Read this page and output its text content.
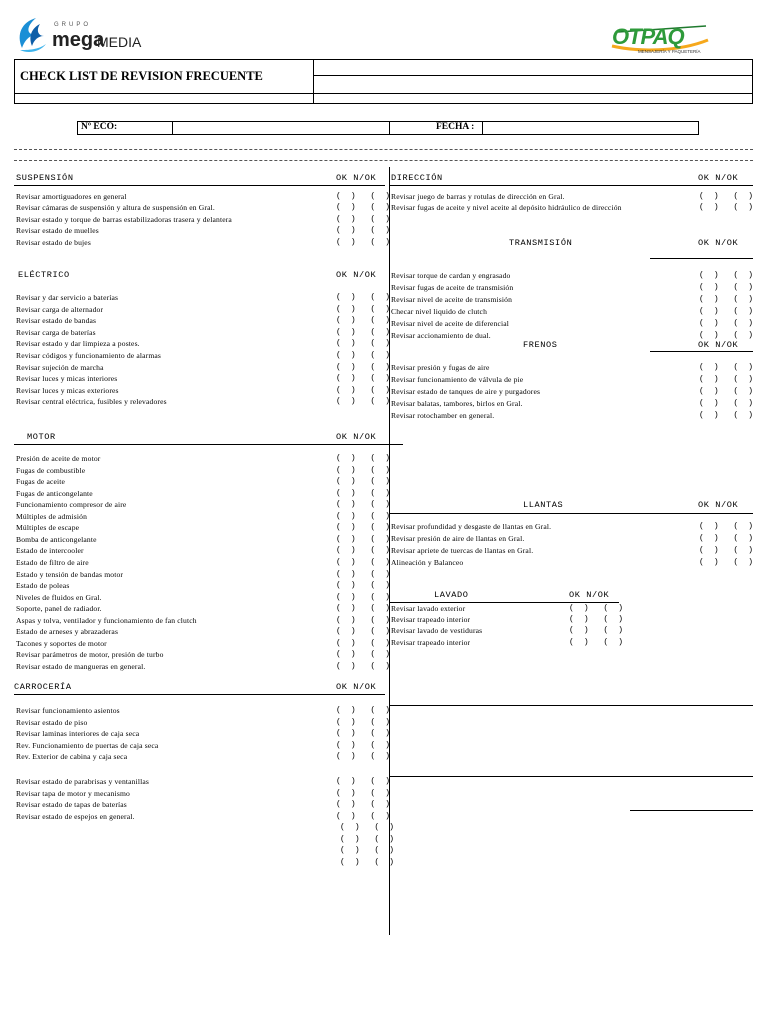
GRUPO
mega
MEDIA	OTPAQ
MENSAJERÍA Y PAQUETERÍA
CHECK LIST DE REVISION FRECUENTE
Nº ECO:	FECHA :
SUSPENSIÓN	OK N/OK
ELÉCTRICO	OK N/OK
MOTOR	OK N/OK
CARROCERÍA	OK N/OK
DIRECCIÓN	OK N/OK
TRANSMISIÓN	OK N/OK
FRENOS	OK N/OK
LLANTAS	OK N/OK
LAVADO	OK N/OK
Revisar amortiguadores en general	(  )   (  )
Revisar cámaras de suspensión y altura de suspensión en Gral.	(  )   (  )
Revisar estado y torque de barras estabilizadoras trasera y delantera	(  )   (  )
Revisar estado de muelles	(  )   (  )
Revisar estado de bujes	(  )   (  )
Revisar y dar servicio a baterías	(  )   (  )
Revisar carga de alternador	(  )   (  )
Revisar estado de bandas	(  )   (  )
Revisar carga de baterías	(  )   (  )
Revisar estado y dar limpieza a postes.	(  )   (  )
Revisar códigos y funcionamiento de alarmas	(  )   (  )
Revisar sujeción de marcha	(  )   (  )
Revisar luces y micas interiores	(  )   (  )
Revisar luces y micas exteriores	(  )   (  )
Revisar central eléctrica, fusibles y relevadores	(  )   (  )
Presión de aceite de motor	(  )   (  )
Fugas de combustible	(  )   (  )
Fugas de aceite	(  )   (  )
Fugas de anticongelante	(  )   (  )
Funcionamiento compresor de aire	(  )   (  )
Múltiples de admisión	(  )   (  )
Múltiples de escape	(  )   (  )
Bomba de anticongelante	(  )   (  )
Estado de intercooler	(  )   (  )
Estado de filtro de aire	(  )   (  )
Estado y tensión de bandas motor	(  )   (  )
Estado de poleas	(  )   (  )
Niveles de fluidos en Gral.	(  )   (  )
Soporte, panel de radiador.	(  )   (  )
Aspas y tolva, ventilador y funcionamiento de fan clutch	(  )   (  )
Estado de arneses y abrazaderas	(  )   (  )
Tacones y soportes de motor	(  )   (  )
Revisar parámetros de motor, presión de turbo	(  )   (  )
Revisar estado de mangueras en general.	(  )   (  )
Revisar funcionamiento asientos	(  )   (  )
Revisar estado de piso	(  )   (  )
Revisar laminas interiores de caja seca	(  )   (  )
Rev. Funcionamiento de puertas de caja seca	(  )   (  )
Rev. Exterior de cabina y caja seca	(  )   (  )
Revisar estado de parabrisas y ventanillas	(  )   (  )
Revisar tapa de motor y mecanismo	(  )   (  )
Revisar estado de tapas de baterías	(  )   (  )
Revisar estado de espejos en general.	(  )   (  )
(  )   (  )
(  )   (  )
(  )   (  )
(  )   (  )
Revisar juego de barras y rotulas de dirección en Gral.	(  )   (  )
Revisar fugas de aceite y nivel aceite al depósito hidráulico de dirección	(  )   (  )
Revisar torque de cardan y engrasado	(  )   (  )
Revisar fugas de aceite de transmisión	(  )   (  )
Revisar nivel de aceite de transmisión	(  )   (  )
Checar nivel liquido de clutch	(  )   (  )
Revisar nivel de aceite de diferencial	(  )   (  )
Revisar accionamiento de dual.	(  )   (  )
Revisar presión y fugas de aire	(  )   (  )
Revisar funcionamiento de válvula de pie	(  )   (  )
Revisar estado de tanques de aire y purgadores	(  )   (  )
Revisar balatas, tambores, birlos en Gral.	(  )   (  )
Revisar rotochamber en general.	(  )   (  )
Revisar profundidad y desgaste de llantas en Gral.	(  )   (  )
Revisar presión de aire de llantas en Gral.	(  )   (  )
Revisar apriete de tuercas de llantas en Gral.	(  )   (  )
Alineación y Balanceo	(  )   (  )
Revisar lavado exterior	(  )   (  )
Revisar trapeado interior	(  )   (  )
Revisar lavado de vestiduras	(  )   (  )
Revisar trapeado interior	(  )   (  )
